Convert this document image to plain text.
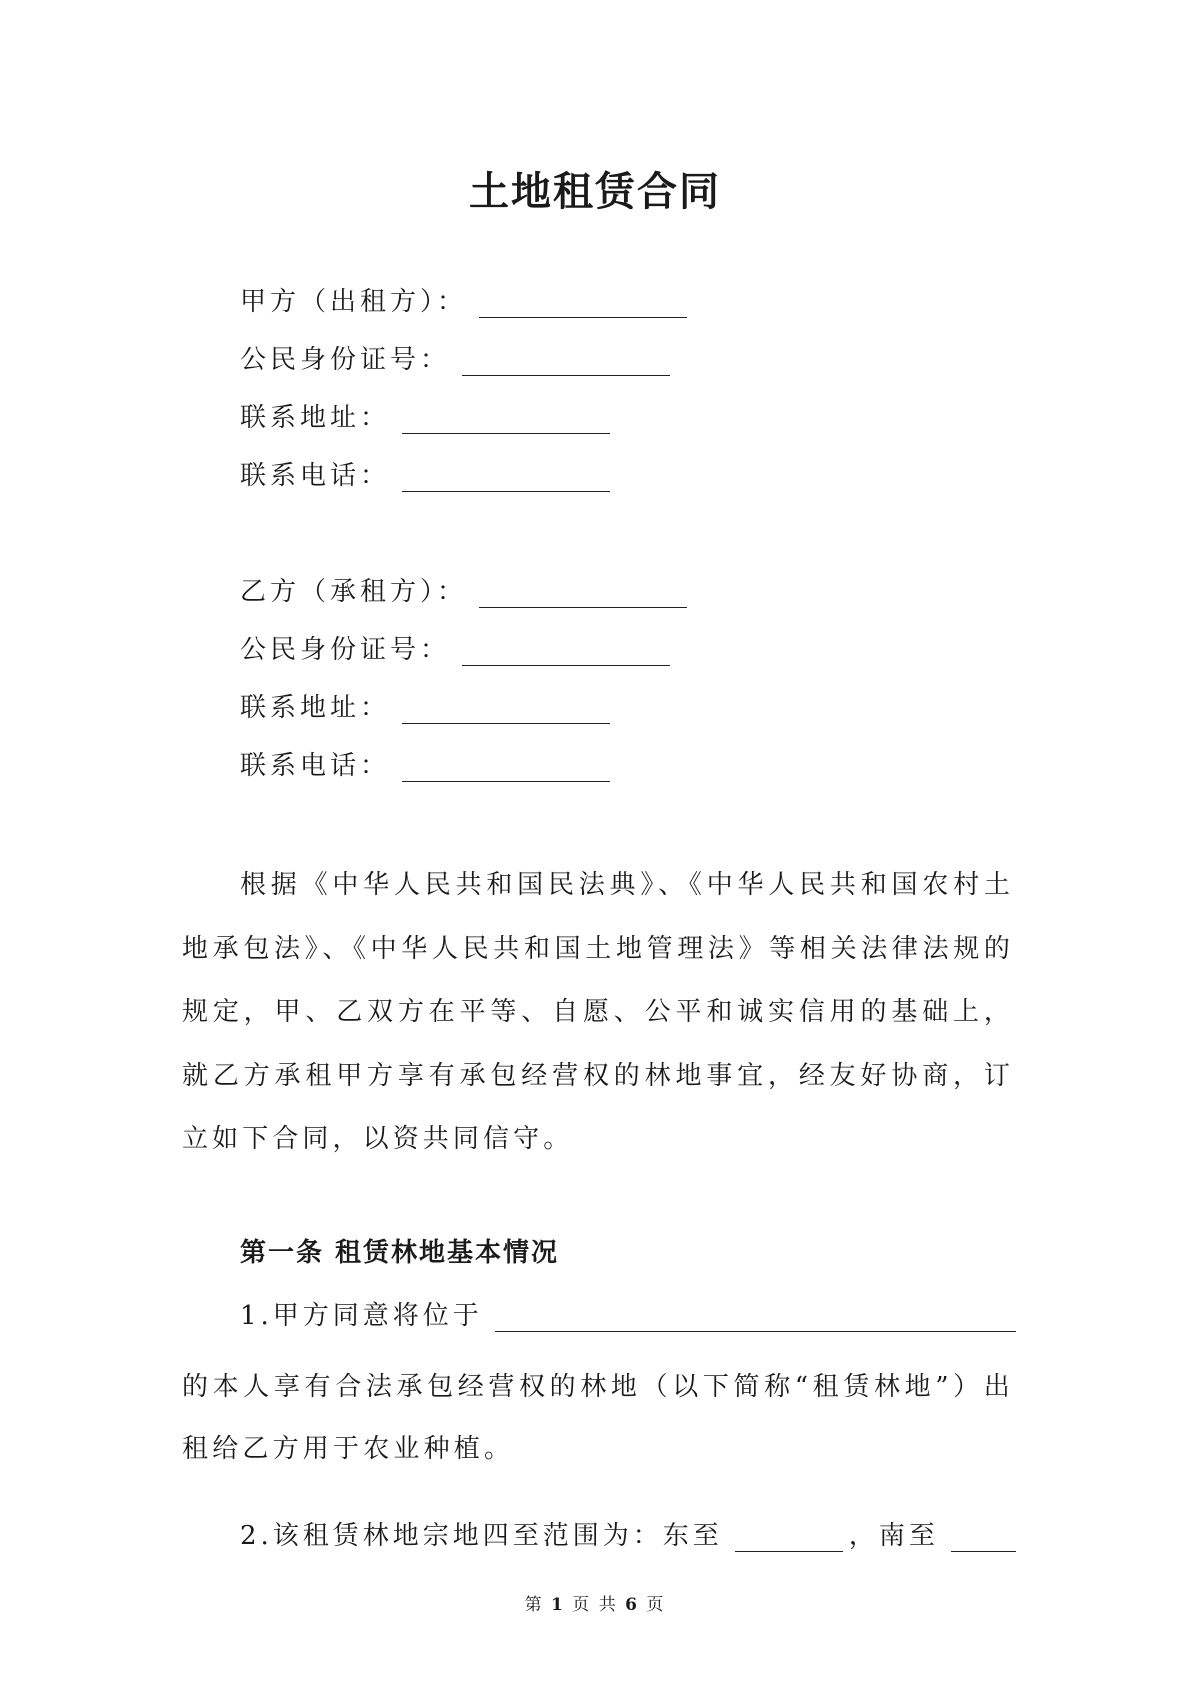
土地租赁合同
甲方（出租方）：
公民身份证号：
联系地址：
联系电话：
乙方（承租方）：
公民身份证号：
联系地址：
联系电话：

根据《中华人民共和国民法典》、《中华人民共和国农村土地承包法》、《中华人民共和国土地管理法》等相关法律法规的规定，甲、乙双方在平等、自愿、公平和诚实信用的基础上，就乙方承租甲方享有承包经营权的林地事宜，经友好协商，订立如下合同，以资共同信守。

第一条 租赁林地基本情况
1.甲方同意将位于

的本人享有合法承包经营权的林地（以下简称“租赁林地”）出租给乙方用于农业种植。

2.该租赁林地宗地四至范围为：东至	，南至
第 1 页 共 6 页
